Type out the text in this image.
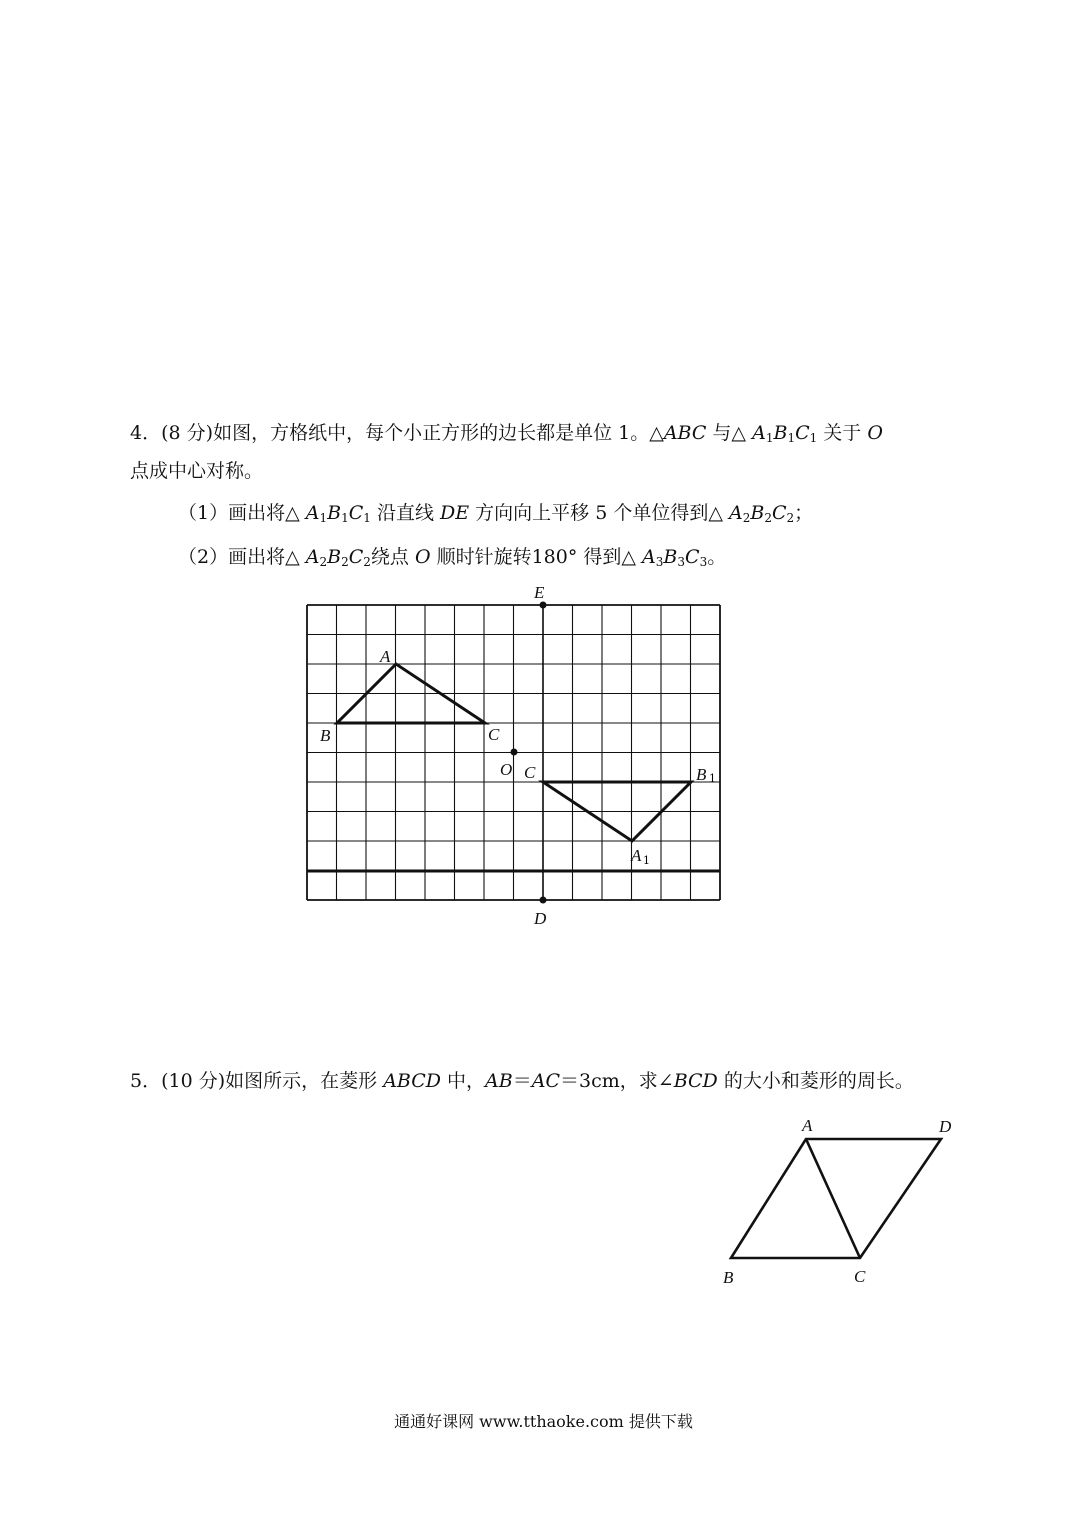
4．(8 分)如图，方格纸中，每个小正方形的边长都是单位 1。△ABC 与△ $A_1B_1C_1$ 关于 O
点成中心对称。
（1）画出将△ $A_1B_1C_1$ 沿直线 DE 方向向上平移 5 个单位得到△ $A_2B_2C_2$；
（2）画出将△ $A_2B_2C_2$绕点 O 顺时针旋转180° 得到△ $A_3B_3C_3$。
E
A
B	C
O C	B 1
A 1
D
A	D
B	C
5．(10 分)如图所示，在菱形 ABCD 中，AB＝AC＝3cm，求∠BCD 的大小和菱形的周长。
通通好课网 www.tthaoke.com 提供下载
